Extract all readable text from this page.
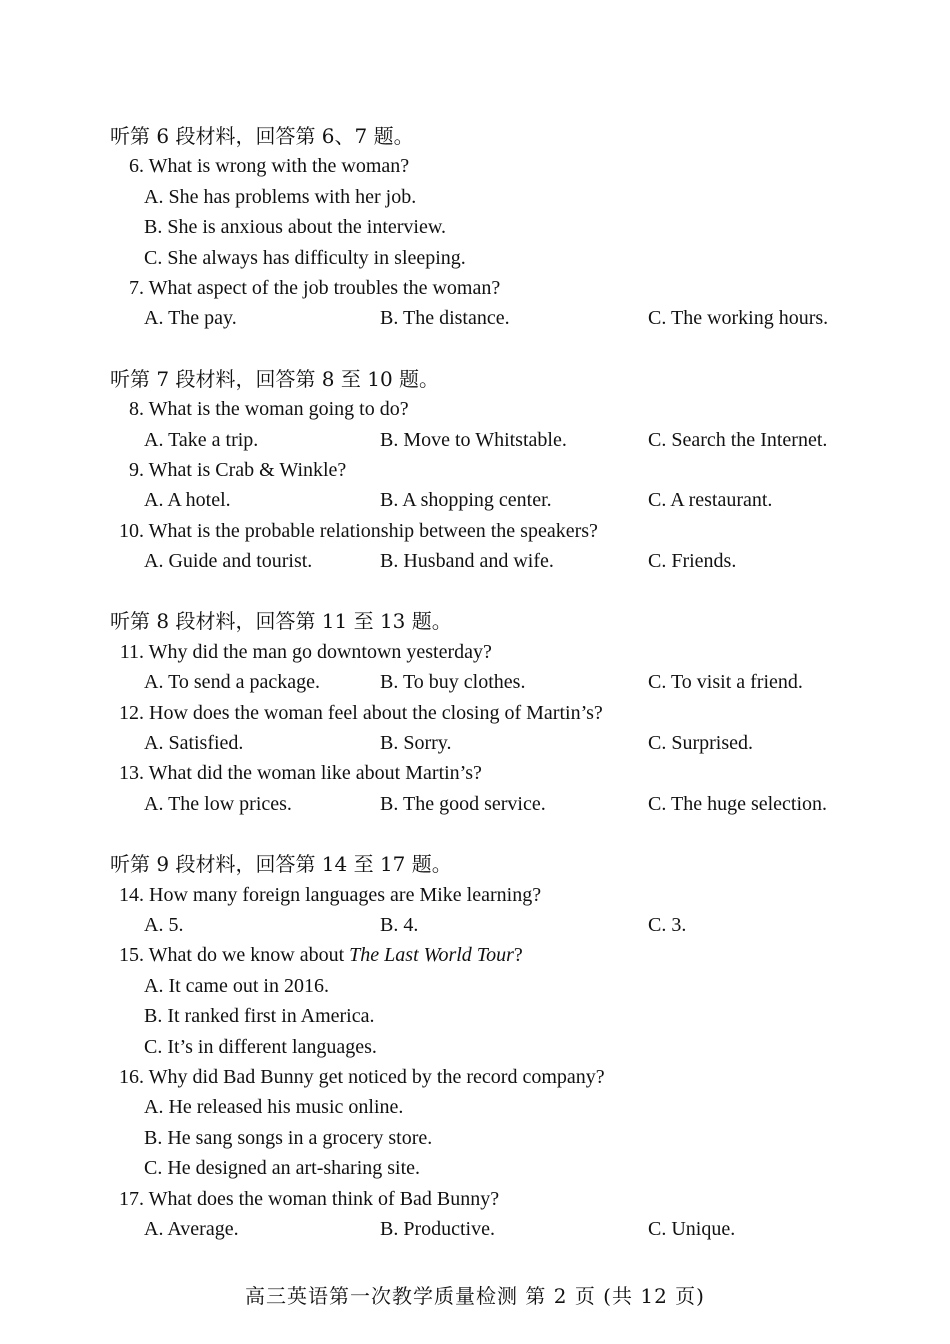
听第 6 段材料，回答第 6、7 题。
6. What is wrong with the woman?
A. She has problems with her job.
B. She is anxious about the interview.
C. She always has difficulty in sleeping.
7. What aspect of the job troubles the woman?
A. The pay.	B. The distance.	C. The working hours.
听第 7 段材料，回答第 8 至 10 题。
8. What is the woman going to do?
A. Take a trip.	B. Move to Whitstable.	C. Search the Internet.
9. What is Crab & Winkle?
A. A hotel.	B. A shopping center.	C. A restaurant.
10. What is the probable relationship between the speakers?
A. Guide and tourist.	B. Husband and wife.	C. Friends.
听第 8 段材料，回答第 11 至 13 题。
11. Why did the man go downtown yesterday?
A. To send a package.	B. To buy clothes.	C. To visit a friend.
12. How does the woman feel about the closing of Martin’s?
A. Satisfied.	B. Sorry.	C. Surprised.
13. What did the woman like about Martin’s?
A. The low prices.	B. The good service.	C. The huge selection.
听第 9 段材料，回答第 14 至 17 题。
14. How many foreign languages are Mike learning?
A. 5.	B. 4.	C. 3.
15. What do we know about The Last World Tour?
A. It came out in 2016.
B. It ranked first in America.
C. It’s in different languages.
16. Why did Bad Bunny get noticed by the record company?
A. He released his music online.
B. He sang songs in a grocery store.
C. He designed an art-sharing site.
17. What does the woman think of Bad Bunny?
A. Average.	B. Productive.	C. Unique.
高三英语第一次教学质量检测 第 2 页 (共 12 页)
